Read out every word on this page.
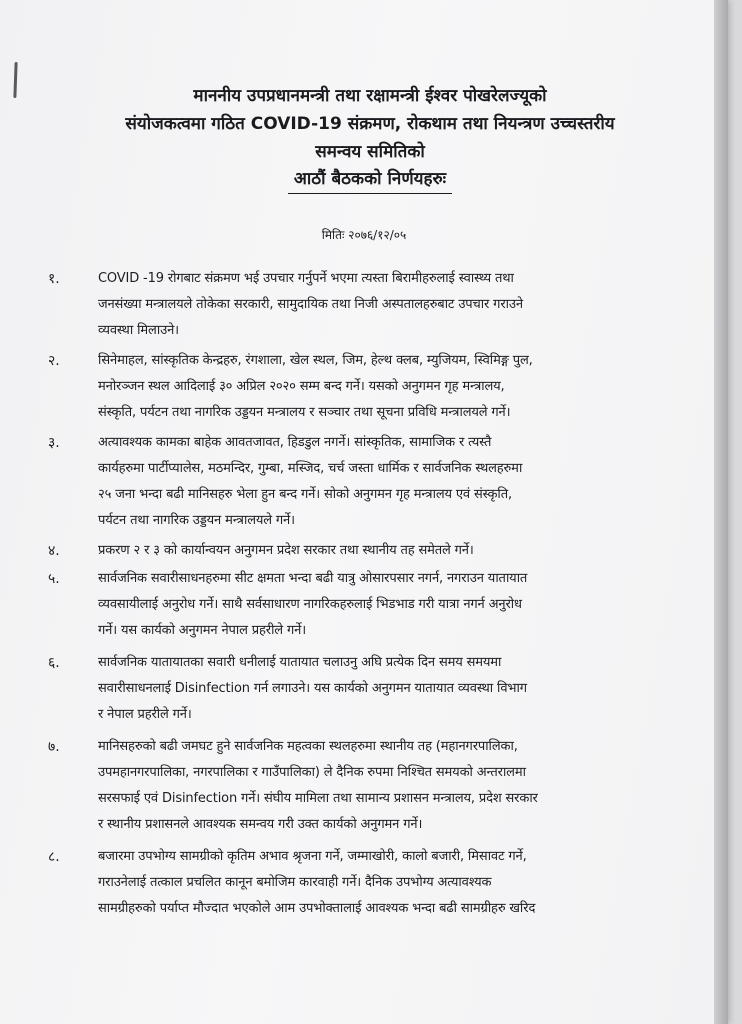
माननीय उपप्रधानमन्त्री तथा रक्षामन्त्री ईश्वर पोखरेलज्यूको
संयोजकत्वमा गठित COVID-19 संक्रमण, रोकथाम तथा नियन्त्रण उच्चस्तरीय
समन्वय समितिको
आठौं बैठकको निर्णयहरुः
मितिः २०७६/१२/०५
१.	COVID -19 रोगबाट संक्रमण भई उपचार गर्नुपर्ने भएमा त्यस्ता बिरामीहरुलाई स्वास्थ्य तथा
जनसंख्या मन्त्रालयले तोकेका सरकारी, सामुदायिक तथा निजी अस्पतालहरुबाट उपचार गराउने
व्यवस्था मिलाउने।
२.	सिनेमाहल, सांस्कृतिक केन्द्रहरु, रंगशाला, खेल स्थल, जिम, हेल्थ क्लब, म्युजियम, स्विमिङ्ग पुल,
मनोरञ्जन स्थल आदिलाई ३० अप्रिल २०२० सम्म बन्द गर्ने। यसको अनुगमन गृह मन्त्रालय,
संस्कृति, पर्यटन तथा नागरिक उड्डयन मन्त्रालय र सञ्चार तथा सूचना प्रविधि मन्त्रालयले गर्ने।
३.	अत्यावश्यक कामका बाहेक आवतजावत, हिडडुल नगर्ने। सांस्कृतिक, सामाजिक र त्यस्तै
कार्यहरुमा पार्टीप्यालेस, मठमन्दिर, गुम्बा, मस्जिद, चर्च जस्ता धार्मिक र सार्वजनिक स्थलहरुमा
२५ जना भन्दा बढी मानिसहरु भेला हुन बन्द गर्ने। सोको अनुगमन गृह मन्त्रालय एवं संस्कृति,
पर्यटन तथा नागरिक उड्डयन मन्त्रालयले गर्ने।
४.	प्रकरण २ र ३ को कार्यान्वयन अनुगमन प्रदेश सरकार तथा स्थानीय तह समेतले गर्ने।
५.	सार्वजनिक सवारीसाधनहरुमा सीट क्षमता भन्दा बढी यात्रु ओसारपसार नगर्न, नगराउन यातायात
व्यवसायीलाई अनुरोध गर्ने। साथै सर्वसाधारण नागरिकहरुलाई भिडभाड गरी यात्रा नगर्न अनुरोध
गर्ने। यस कार्यको अनुगमन नेपाल प्रहरीले गर्ने।
६.	सार्वजनिक यातायातका सवारी धनीलाई यातायात चलाउनु अघि प्रत्येक दिन समय समयमा
सवारीसाधनलाई Disinfection गर्न लगाउने। यस कार्यको अनुगमन यातायात व्यवस्था विभाग
र नेपाल प्रहरीले गर्ने।
७.	मानिसहरुको बढी जमघट हुने सार्वजनिक महत्वका स्थलहरुमा स्थानीय तह (महानगरपालिका,
उपमहानगरपालिका, नगरपालिका र गाउँपालिका) ले दैनिक रुपमा निश्चित समयको अन्तरालमा
सरसफाई एवं Disinfection गर्ने। संघीय मामिला तथा सामान्य प्रशासन मन्त्रालय, प्रदेश सरकार
र स्थानीय प्रशासनले आवश्यक समन्वय गरी उक्त कार्यको अनुगमन गर्ने।
८.	बजारमा उपभोग्य सामग्रीको कृतिम अभाव श्रृजना गर्ने, जम्माखोरी, कालो बजारी, मिसावट गर्ने,
गराउनेलाई तत्काल प्रचलित कानून बमोजिम कारवाही गर्ने। दैनिक उपभोग्य अत्यावश्यक
सामग्रीहरुको पर्याप्त मौज्दात भएकोले आम उपभोक्तालाई आवश्यक भन्दा बढी सामग्रीहरु खरिद
